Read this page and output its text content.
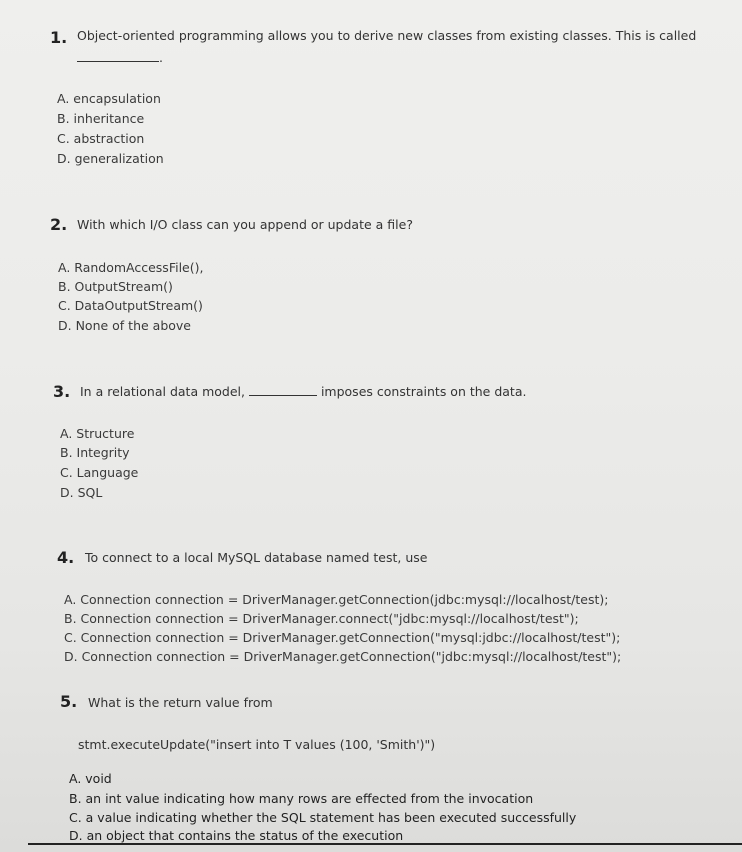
1. Object-oriented programming allows you to derive new classes from existing classes. This is called
.
A. encapsulation
B. inheritance
C. abstraction
D. generalization
2. With which I/O class can you append or update a file?
A. RandomAccessFile(),
B. OutputStream()
C. DataOutputStream()
D. None of the above
3. In a relational data model,	imposes constraints on the data.
A. Structure
B. Integrity
C. Language
D. SQL
4. To connect to a local MySQL database named test, use
A. Connection connection = DriverManager.getConnection(jdbc:mysql://localhost/test);
B. Connection connection = DriverManager.connect("jdbc:mysql://localhost/test");
C. Connection connection = DriverManager.getConnection("mysql:jdbc://localhost/test");
D. Connection connection = DriverManager.getConnection("jdbc:mysql://localhost/test");
5. What is the return value from
stmt.executeUpdate("insert into T values (100, 'Smith')")
A. void
B. an int value indicating how many rows are effected from the invocation
C. a value indicating whether the SQL statement has been executed successfully
D. an object that contains the status of the execution
